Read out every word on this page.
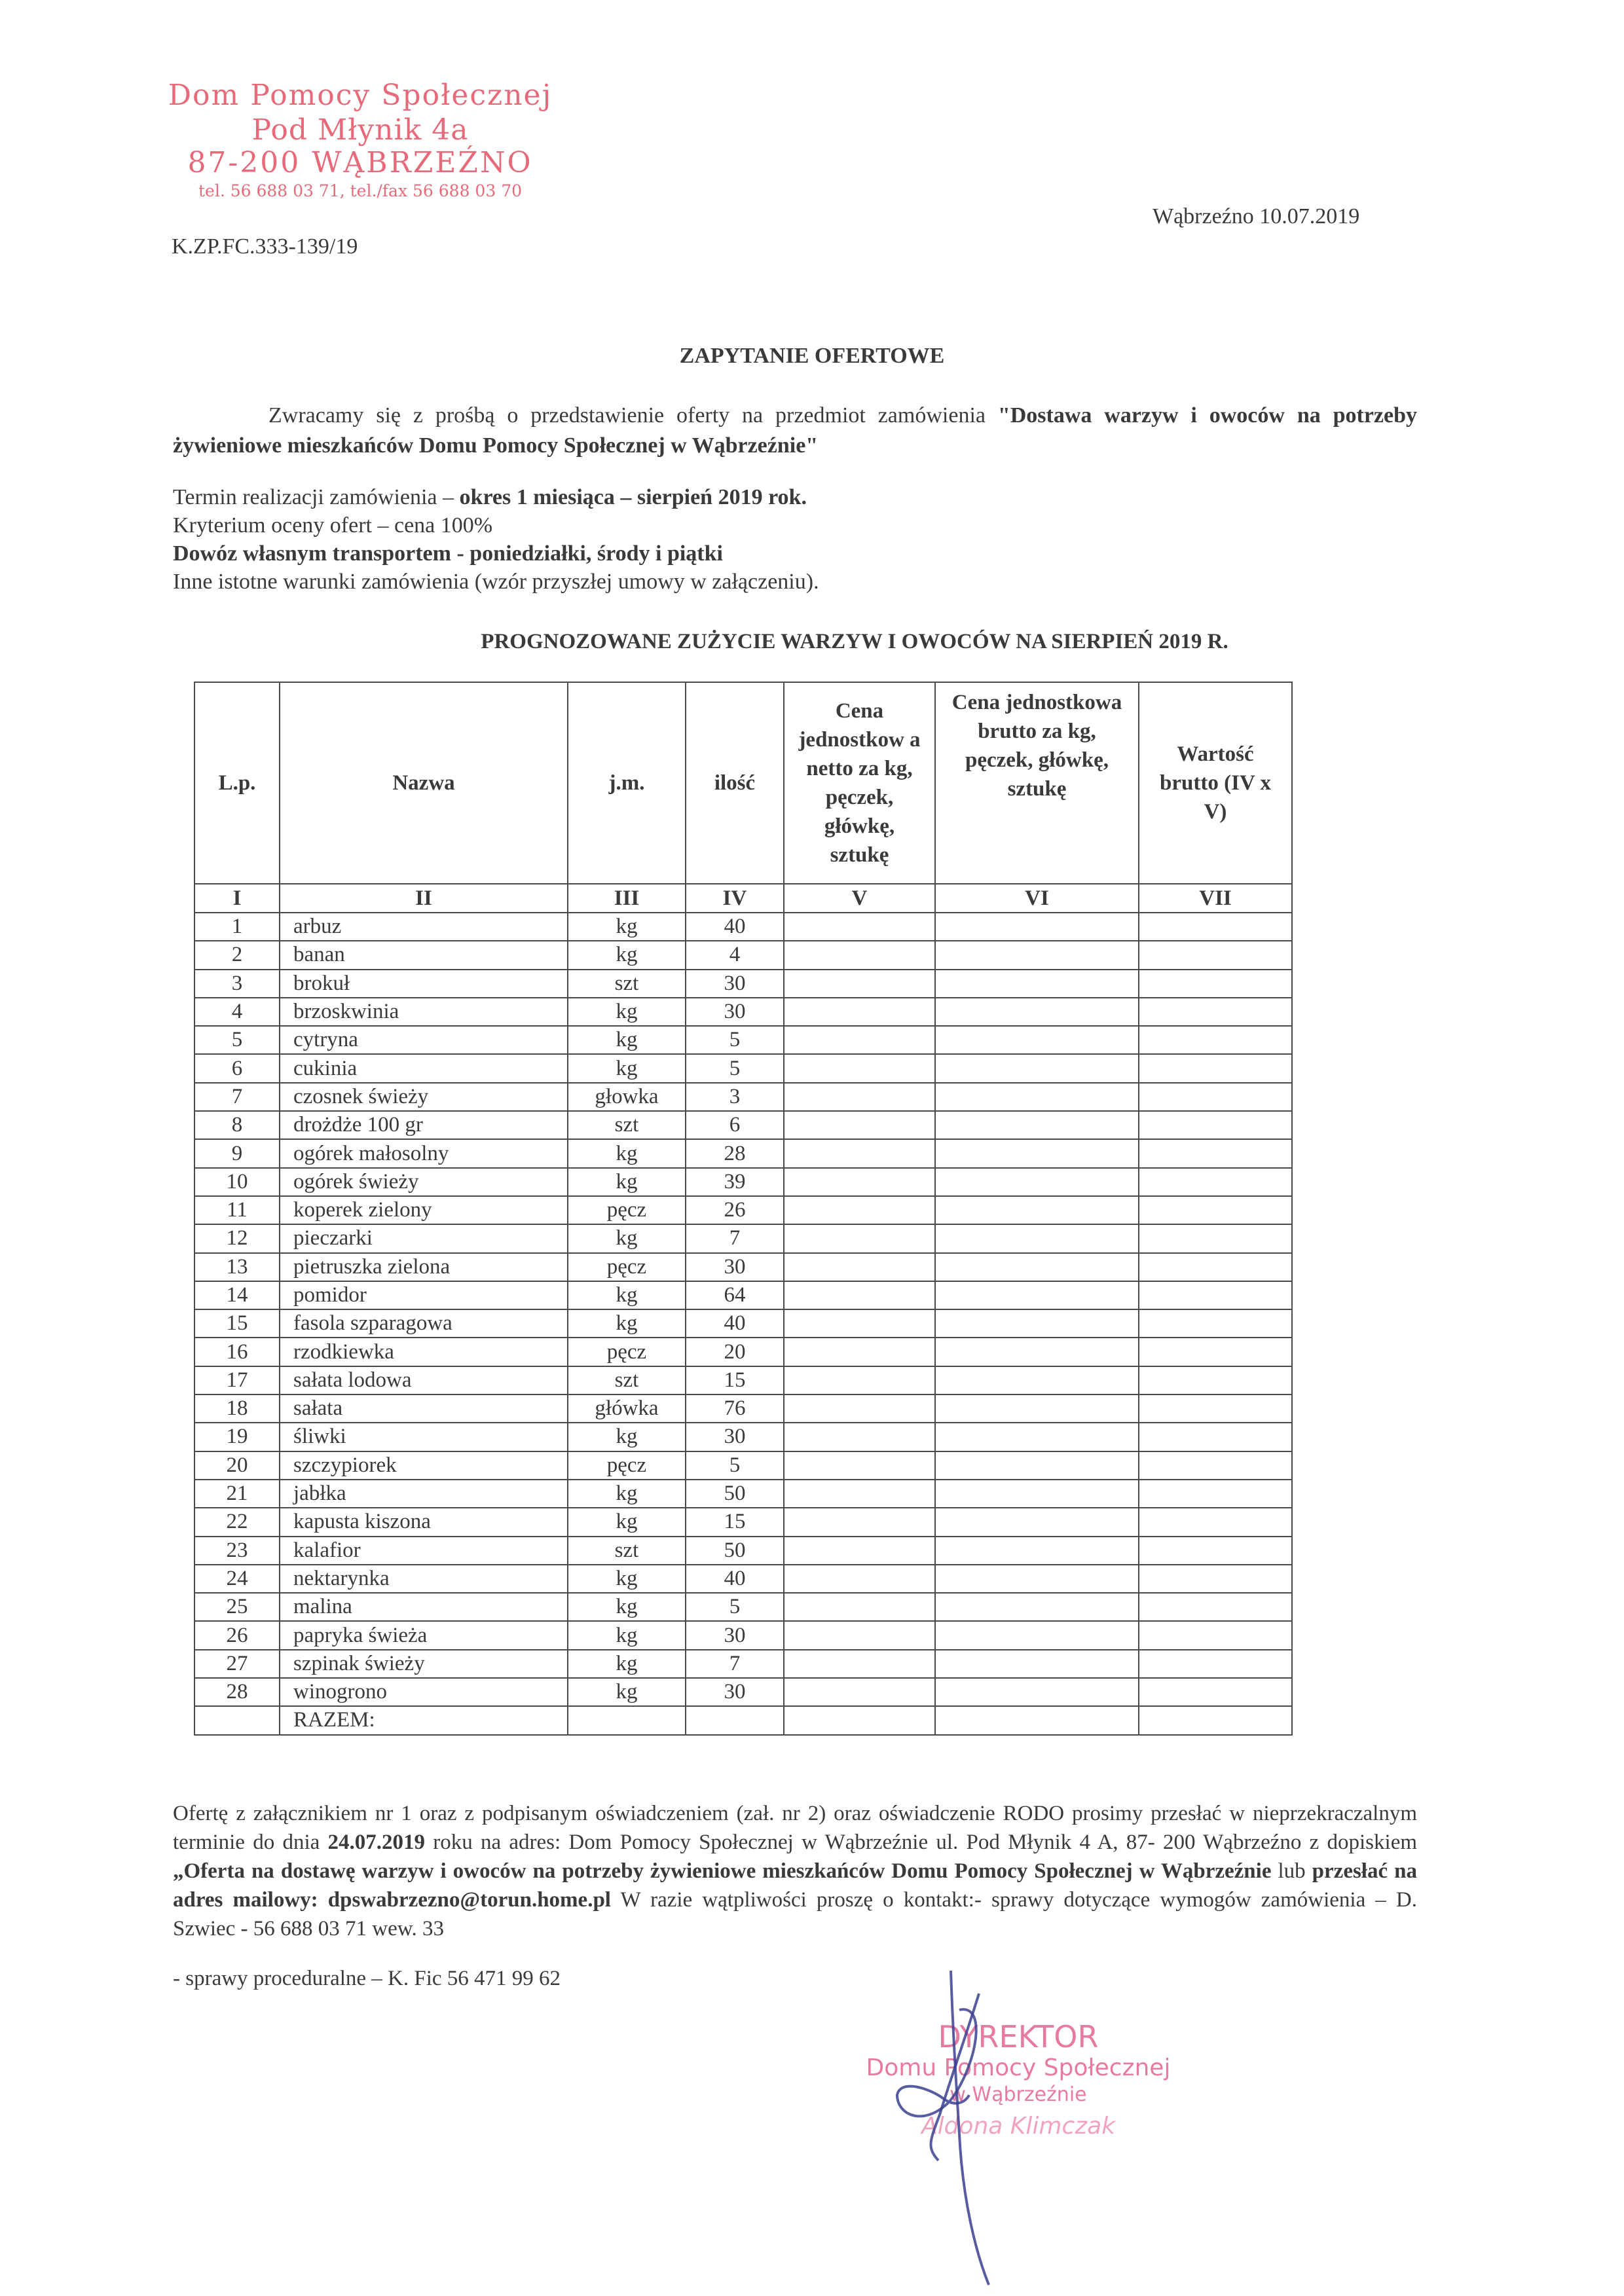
Dom Pomocy Społecznej
Pod Młynik 4a
87-200 WĄBRZEŹNO
tel. 56 688 03 71, tel./fax 56 688 03 70
K.ZP.FC.333-139/19
Wąbrzeźno 10.07.2019
ZAPYTANIE OFERTOWE
Zwracamy się z prośbą o przedstawienie oferty na przedmiot zamówienia "Dostawa warzyw i owoców na potrzeby żywieniowe mieszkańców Domu Pomocy Społecznej w Wąbrzeźnie"
Termin realizacji zamówienia – okres 1 miesiąca – sierpień 2019 rok.
Kryterium oceny ofert – cena 100%
Dowóz własnym transportem - poniedziałki, środy i piątki
Inne istotne warunki zamówienia (wzór przyszłej umowy w załączeniu).
PROGNOZOWANE ZUŻYCIE WARZYW I OWOCÓW NA SIERPIEŃ 2019 R.
L.p.	Nazwa	j.m.	ilość	Cena jednostkow a netto za kg, pęczek, główkę, sztukę	Cena jednostkowa brutto za kg, pęczek, główkę, sztukę	Wartość brutto (IV x V)
I	II	III	IV	V	VI	VII
1	arbuz	kg	40			
2	banan	kg	4			
3	brokuł	szt	30			
4	brzoskwinia	kg	30			
5	cytryna	kg	5			
6	cukinia	kg	5			
7	czosnek świeży	głowka	3			
8	drożdże 100 gr	szt	6			
9	ogórek małosolny	kg	28			
10	ogórek świeży	kg	39			
11	koperek zielony	pęcz	26			
12	pieczarki	kg	7			
13	pietruszka zielona	pęcz	30			
14	pomidor	kg	64			
15	fasola szparagowa	kg	40			
16	rzodkiewka	pęcz	20			
17	sałata lodowa	szt	15			
18	sałata	główka	76			
19	śliwki	kg	30			
20	szczypiorek	pęcz	5			
21	jabłka	kg	50			
22	kapusta kiszona	kg	15			
23	kalafior	szt	50			
24	nektarynka	kg	40			
25	malina	kg	5			
26	papryka świeża	kg	30			
27	szpinak świeży	kg	7			
28	winogrono	kg	30			
	RAZEM:					
Ofertę z załącznikiem nr 1 oraz z podpisanym oświadczeniem (zał. nr 2) oraz oświadczenie RODO prosimy przesłać w nieprzekraczalnym terminie do dnia 24.07.2019 roku na adres: Dom Pomocy Społecznej w Wąbrzeźnie ul. Pod Młynik 4 A, 87- 200 Wąbrzeźno z dopiskiem „Oferta na dostawę warzyw i owoców na potrzeby żywieniowe mieszkańców Domu Pomocy Społecznej w Wąbrzeźnie lub przesłać na adres mailowy: dpswabrzezno@torun.home.pl W razie wątpliwości proszę o kontakt:- sprawy dotyczące wymogów zamówienia – D. Szwiec - 56 688 03 71 wew. 33
- sprawy proceduralne – K. Fic 56 471 99 62
DYREKTOR
Domu Pomocy Społecznej
w Wąbrzeźnie
Aldona Klimczak
